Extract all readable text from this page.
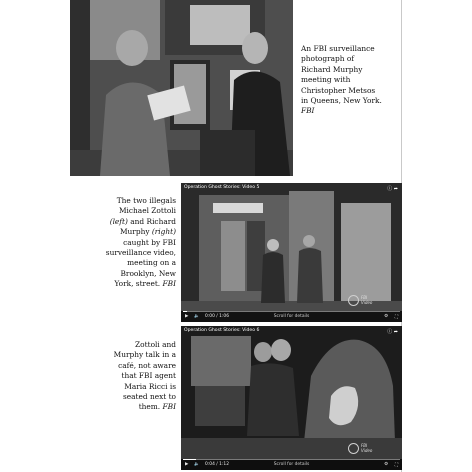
An FBI surveillance
photograph of
Richard Murphy
meeting with
Christopher Metsos
in Queens, New York.
FBI
The two illegals
Michael Zottoli
(left) and Richard
Murphy (right)
caught by FBI
surveillance video,
meeting on a
Brooklyn, New
York, street. FBI
Operation Ghost Stories: Video 5	ⓘ ➦
FBI
Video
▶ 🔈 0:00 / 1:06	Scroll for details	⚙ ⛶
Zottoli and
Murphy talk in a
café, not aware
that FBI agent
Maria Ricci is
seated next to
them. FBI
Operation Ghost Stories: Video 6	ⓘ ➦
FBI
Video
▶ 🔈 0:04 / 1:12	Scroll for details	⚙ ⛶
